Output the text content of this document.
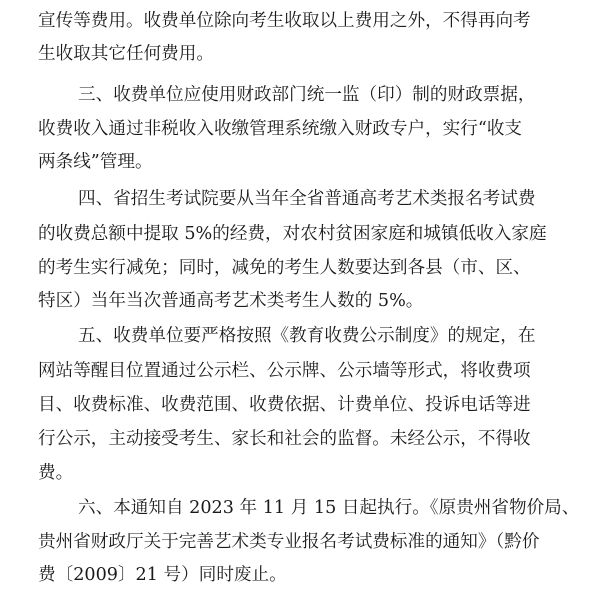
宣传等费用。收费单位除向考生收取以上费用之外，不得再向考
生收取其它任何费用。
三、收费单位应使用财政部门统一监（印）制的财政票据，
收费收入通过非税收入收缴管理系统缴入财政专户，实行“收支
两条线”管理。
四、省招生考试院要从当年全省普通高考艺术类报名考试费
的收费总额中提取 5%的经费，对农村贫困家庭和城镇低收入家庭
的考生实行减免；同时，减免的考生人数要达到各县（市、区、
特区）当年当次普通高考艺术类考生人数的 5%。
五、收费单位要严格按照《教育收费公示制度》的规定，在
网站等醒目位置通过公示栏、公示牌、公示墙等形式，将收费项
目、收费标准、收费范围、收费依据、计费单位、投诉电话等进
行公示，主动接受考生、家长和社会的监督。未经公示，不得收
费。
六、本通知自 2023 年 11 月 15 日起执行。《原贵州省物价局、
贵州省财政厅关于完善艺术类专业报名考试费标准的通知》（黔价
费〔2009〕21 号）同时废止。
